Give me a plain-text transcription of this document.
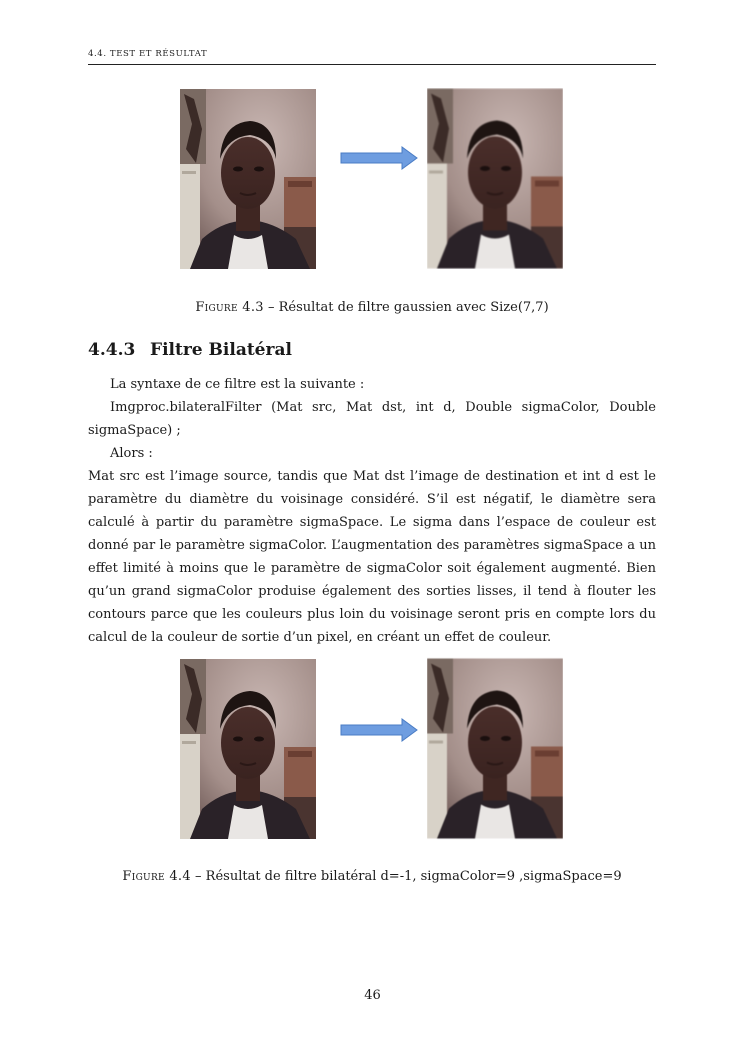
4.4. TEST ET RÉSULTAT
Figure 4.3 – Résultat de filtre gaussien avec Size(7,7)
4.4.3 Filtre Bilatéral
La syntaxe de ce filtre est la suivante :
Imgproc.bilateralFilter (Mat src, Mat dst, int d, Double sigmaColor, Double sigmaSpace) ;
Alors :
Mat src est l’image source, tandis que Mat dst l’image de destination et int d est le paramètre du diamètre du voisinage considéré. S’il est négatif, le diamètre sera calculé à partir du paramètre sigmaSpace. Le sigma dans l’espace de couleur est donné par le paramètre sigmaColor. L’augmentation des paramètres sigmaSpace a un effet limité à moins que le paramètre de sigmaColor soit également augmenté. Bien qu’un grand sigmaColor produise également des sorties lisses, il tend à flouter les contours parce que les couleurs plus loin du voisinage seront pris en compte lors du calcul de la couleur de sortie d’un pixel, en créant un effet de couleur.
Figure 4.4 – Résultat de filtre bilatéral d=-1, sigmaColor=9 ,sigmaSpace=9
46
